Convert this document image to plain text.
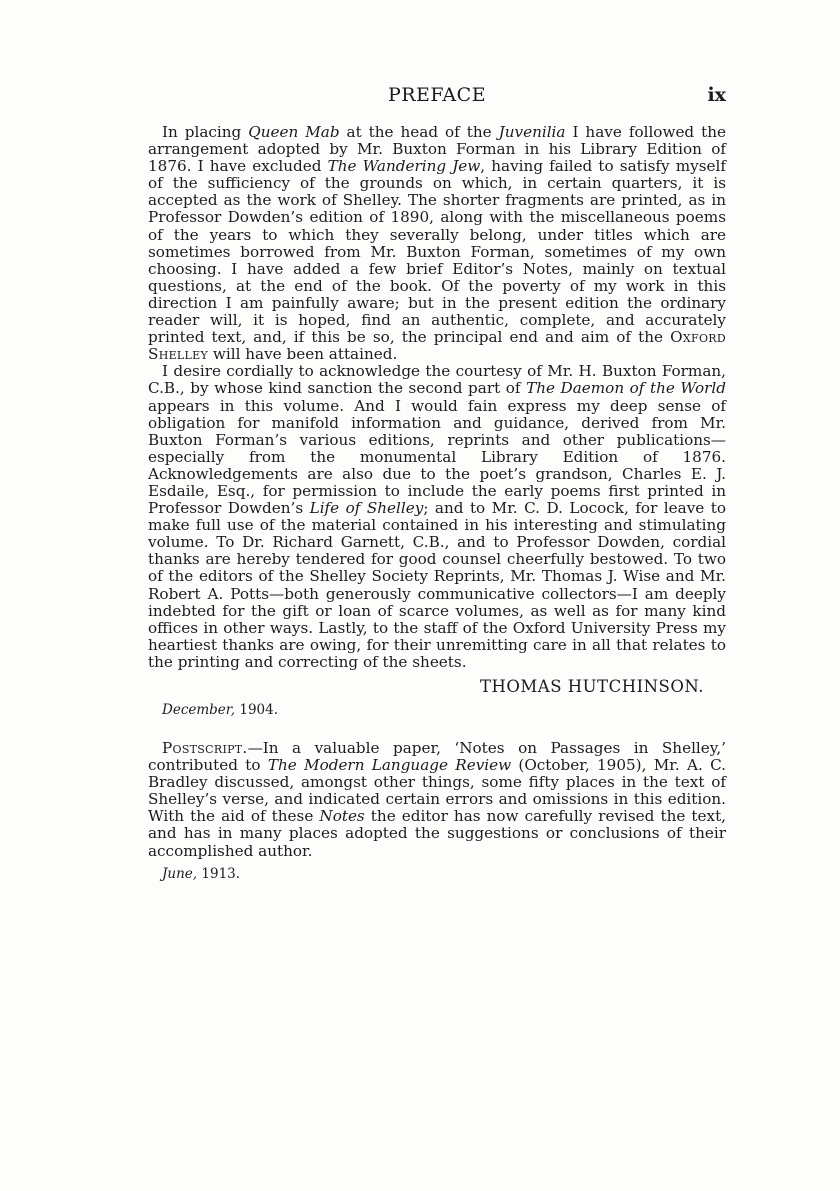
PREFACE	ix

In placing Queen Mab at the head of the Juvenilia I have followed the arrangement adopted by Mr. Buxton Forman in his Library Edition of 1876. I have excluded The Wandering Jew, having failed to satisfy myself of the sufficiency of the grounds on which, in certain quarters, it is accepted as the work of Shelley. The shorter fragments are printed, as in Professor Dowden’s edition of 1890, along with the miscellaneous poems of the years to which they severally belong, under titles which are sometimes borrowed from Mr. Buxton Forman, sometimes of my own choosing. I have added a few brief Editor’s Notes, mainly on textual questions, at the end of the book. Of the poverty of my work in this direction I am painfully aware; but in the present edition the ordinary reader will, it is hoped, find an authentic, complete, and accurately printed text, and, if this be so, the principal end and aim of the Oxford Shelley will have been attained.

I desire cordially to acknowledge the courtesy of Mr. H. Buxton Forman, C.B., by whose kind sanction the second part of The Daemon of the World appears in this volume. And I would fain express my deep sense of obligation for manifold information and guidance, derived from Mr. Buxton Forman’s various editions, reprints and other publications—especially from the monumental Library Edition of 1876. Acknowledgements are also due to the poet’s grandson, Charles E. J. Esdaile, Esq., for permission to include the early poems first printed in Professor Dowden’s Life of Shelley; and to Mr. C. D. Locock, for leave to make full use of the material contained in his interesting and stimulating volume. To Dr. Richard Garnett, C.B., and to Professor Dowden, cordial thanks are hereby tendered for good counsel cheerfully bestowed. To two of the editors of the Shelley Society Reprints, Mr. Thomas J. Wise and Mr. Robert A. Potts—both generously communicative collectors—I am deeply indebted for the gift or loan of scarce volumes, as well as for many kind offices in other ways. Lastly, to the staff of the Oxford University Press my heartiest thanks are owing, for their unremitting care in all that relates to the printing and correcting of the sheets.

THOMAS HUTCHINSON.
December, 1904.

Postscript.—In a valuable paper, ‘Notes on Passages in Shelley,’ contributed to The Modern Language Review (October, 1905), Mr. A. C. Bradley discussed, amongst other things, some fifty places in the text of Shelley’s verse, and indicated certain errors and omissions in this edition. With the aid of these Notes the editor has now carefully revised the text, and has in many places adopted the suggestions or conclusions of their accomplished author.

June, 1913.
